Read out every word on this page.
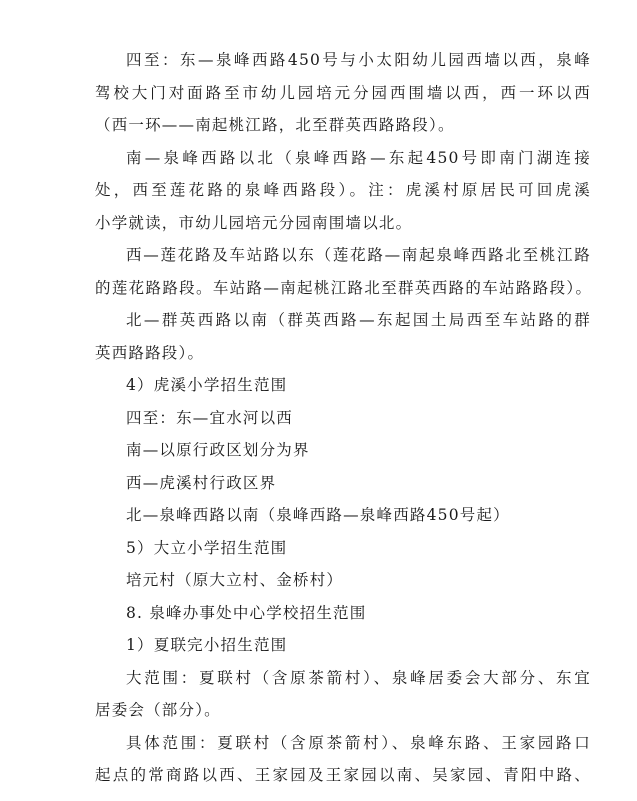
四至：东—泉峰西路450号与小太阳幼儿园西墙以西，泉峰
驾校大门对面路至市幼儿园培元分园西围墙以西，西一环以西
（西一环——南起桃江路，北至群英西路路段）。
南—泉峰西路以北（泉峰西路—东起450号即南门湖连接
处，西至莲花路的泉峰西路段）。注：虎溪村原居民可回虎溪
小学就读，市幼儿园培元分园南围墙以北。
西—莲花路及车站路以东（莲花路—南起泉峰西路北至桃江路
的莲花路路段。车站路—南起桃江路北至群英西路的车站路路段）。
北—群英西路以南（群英西路—东起国土局西至车站路的群
英西路路段）。
4）虎溪小学招生范围
四至：东—宜水河以西
南—以原行政区划分为界
西—虎溪村行政区界
北—泉峰西路以南（泉峰西路—泉峰西路450号起）
5）大立小学招生范围
培元村（原大立村、金桥村）
8. 泉峰办事处中心学校招生范围
1）夏联完小招生范围
大范围：夏联村（含原茶箭村）、泉峰居委会大部分、东宜
居委会（部分）。
具体范围：夏联村（含原茶箭村）、泉峰东路、王家园路口
起点的常商路以西、王家园及王家园以南、吴家园、青阳中路、
